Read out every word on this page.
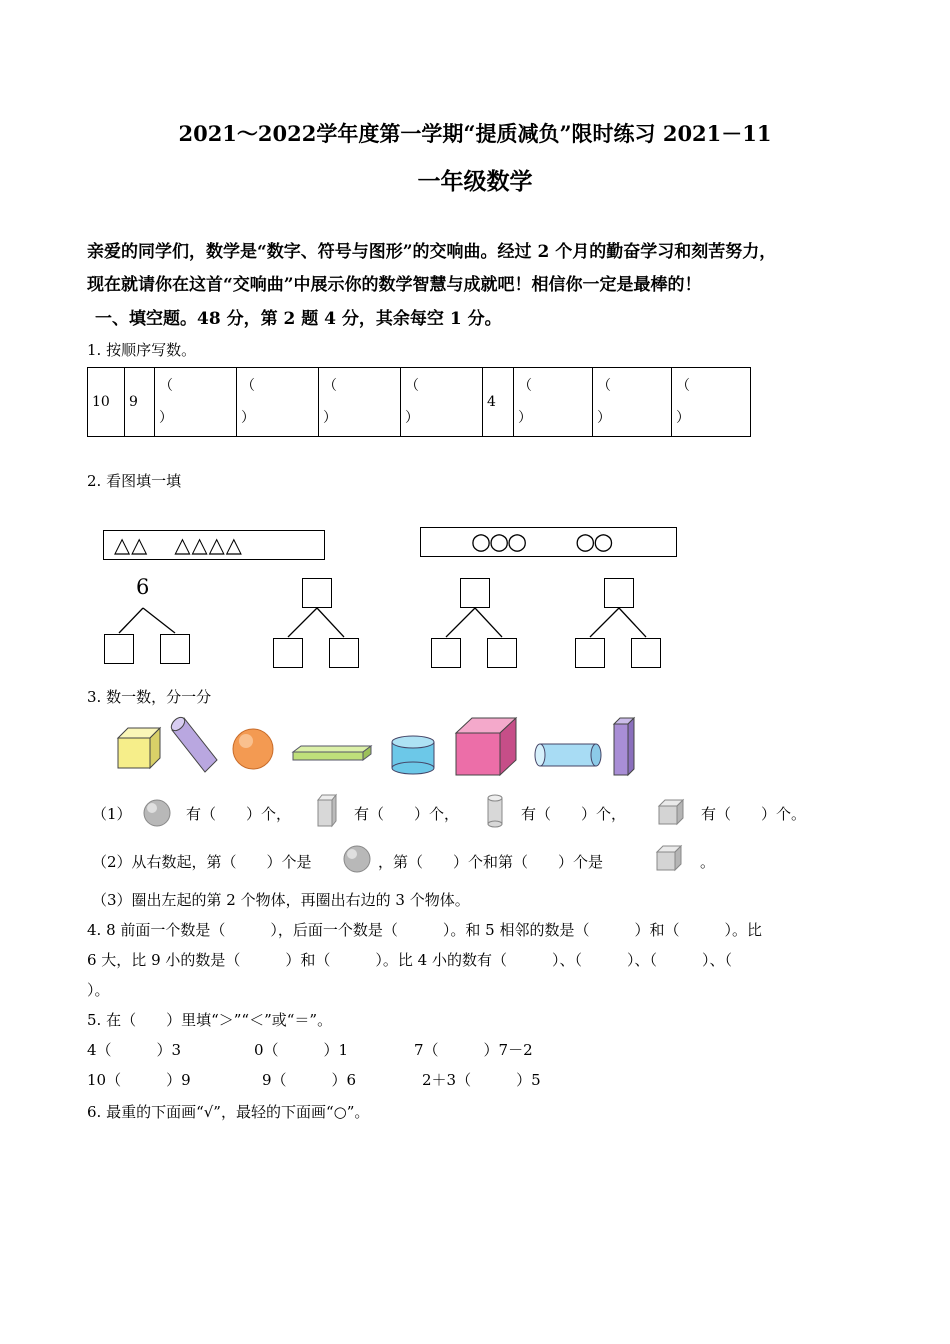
2021～2022学年度第一学期“提质减负”限时练习 2021－11
一年级数学
亲爱的同学们，数学是“数字、符号与图形”的交响曲。经过 2 个月的勤奋学习和刻苦努力，
现在就请你在这首“交响曲”中展示你的数学智慧与成就吧！相信你一定是最棒的！
一、填空题。48 分，第 2 题 4 分，其余每空 1 分。
1. 按顺序写数。
10	9	（
）	（
）	（
）	（
）	4	（
）	（
）	（
）
2. 看图填一填
△△ △△△△	○○○ ○○
6
3. 数一数，分一分
（1）	有（　　）个，	有（　　）个，	有（　　）个，	有（　　）个。
（2）从右数起，第（　　）个是	，第（　　）个和第（　　）个是	。
（3）圈出左起的第 2 个物体，再圈出右边的 3 个物体。
4. 8 前面一个数是（　　　），后面一个数是（　　　）。和 5 相邻的数是（　　　）和（　　　）。比
6 大，比 9 小的数是（　　　）和（　　　）。比 4 小的数有（　　　）、（　　　）、（　　　）、（
）。
5. 在（　　）里填“＞”“＜”或“＝”。
4（　　　）3	0（　　　）1	7（　　　）7－2
10（　　　）9	9（　　　）6	2＋3（　　　）5
6. 最重的下面画“√”，最轻的下面画“○”。
